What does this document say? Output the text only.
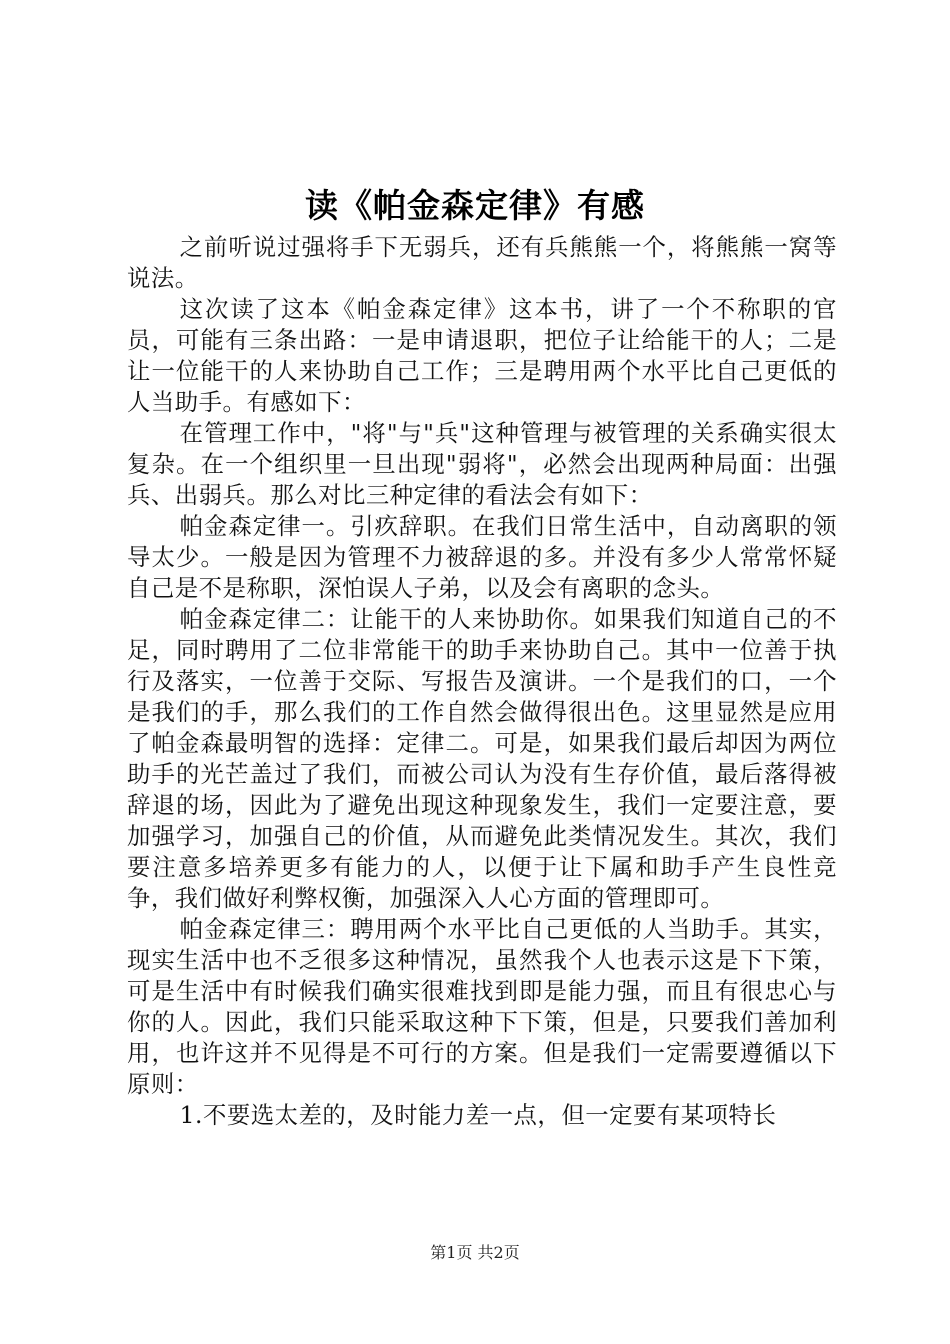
读《帕金森定律》有感

之前听说过强将手下无弱兵，还有兵熊熊一个，将熊熊一窝等说法。

这次读了这本《帕金森定律》这本书，讲了一个不称职的官员，可能有三条出路：一是申请退职，把位子让给能干的人；二是让一位能干的人来协助自己工作；三是聘用两个水平比自己更低的人当助手。有感如下：

在管理工作中，"将"与"兵"这种管理与被管理的关系确实很太复杂。在一个组织里一旦出现"弱将"，必然会出现两种局面：出强兵、出弱兵。那么对比三种定律的看法会有如下：

帕金森定律一。引疚辞职。在我们日常生活中，自动离职的领导太少。一般是因为管理不力被辞退的多。并没有多少人常常怀疑自己是不是称职，深怕误人子弟，以及会有离职的念头。

帕金森定律二：让能干的人来协助你。如果我们知道自己的不足，同时聘用了二位非常能干的助手来协助自己。其中一位善于执行及落实，一位善于交际、写报告及演讲。一个是我们的口，一个是我们的手，那么我们的工作自然会做得很出色。这里显然是应用了帕金森最明智的选择：定律二。可是，如果我们最后却因为两位助手的光芒盖过了我们，而被公司认为没有生存价值，最后落得被辞退的场，因此为了避免出现这种现象发生，我们一定要注意，要加强学习，加强自己的价值，从而避免此类情况发生。其次，我们要注意多培养更多有能力的人，以便于让下属和助手产生良性竞争，我们做好利弊权衡，加强深入人心方面的管理即可。

帕金森定律三：聘用两个水平比自己更低的人当助手。其实，现实生活中也不乏很多这种情况，虽然我个人也表示这是下下策，可是生活中有时候我们确实很难找到即是能力强，而且有很忠心与你的人。因此，我们只能采取这种下下策，但是，只要我们善加利用，也许这并不见得是不可行的方案。但是我们一定需要遵循以下原则：

1.不要选太差的，及时能力差一点，但一定要有某项特长

第1页 共2页
